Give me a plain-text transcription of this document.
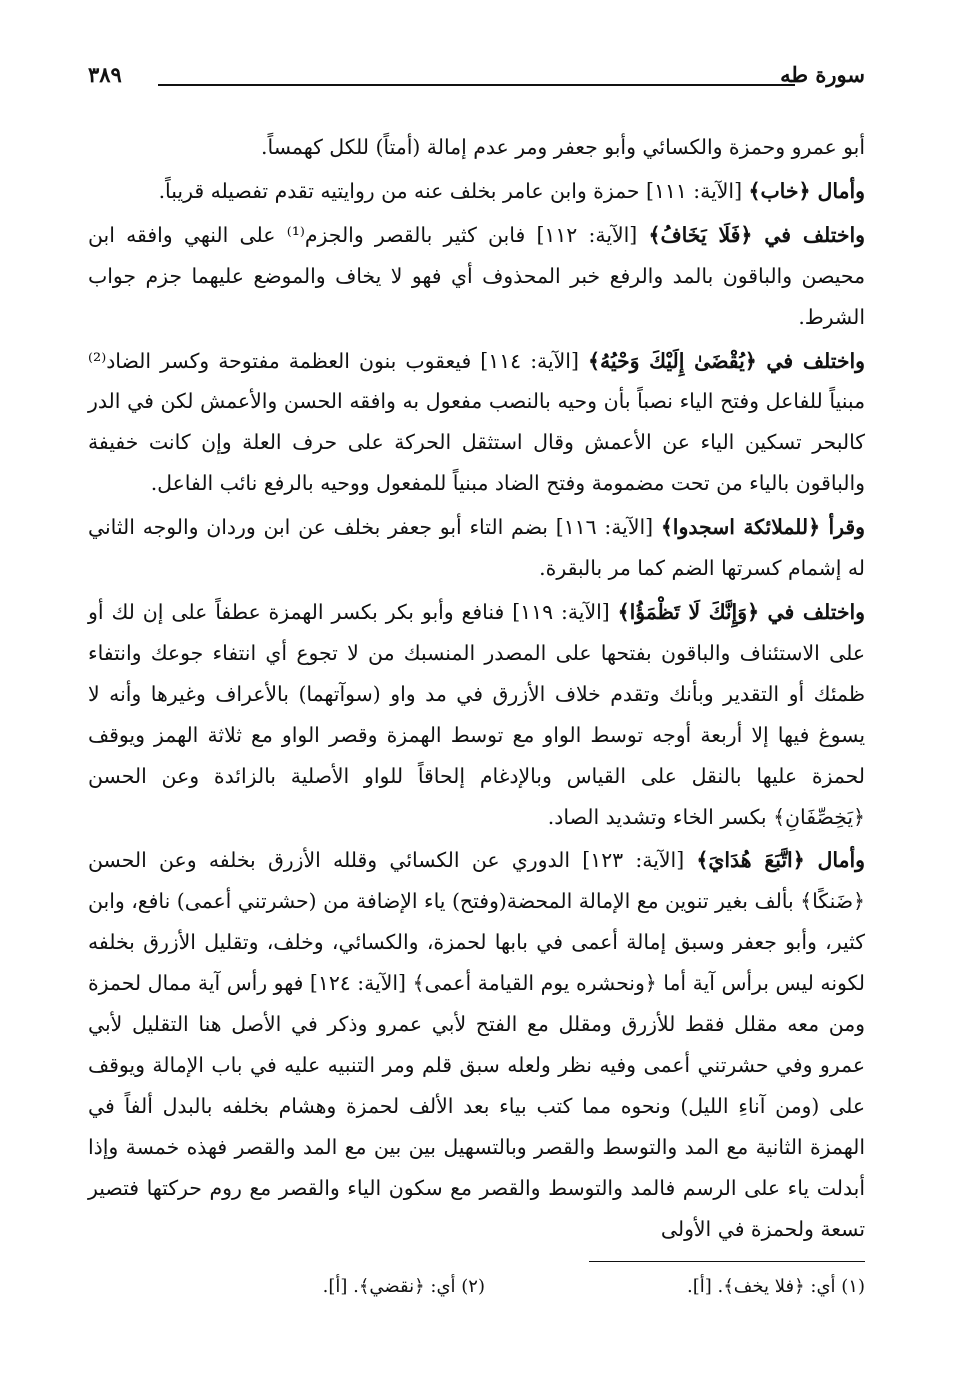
سورة طه
٣٨٩

أبو عمرو وحمزة والكسائي وأبو جعفر ومر عدم إمالة (أمتاً) للكل كهمساً.

وأمال ﴿خاب﴾ [الآية: ١١١] حمزة وابن عامر بخلف عنه من روايتيه تقدم تفصيله قريباً.

واختلف في ﴿فَلَا يَخَافُ﴾ [الآية: ١١٢] فابن كثير بالقصر والجزم⁽¹⁾ على النهي وافقه ابن محيصن والباقون بالمد والرفع خبر المحذوف أي فهو لا يخاف والموضع عليهما جزم جواب الشرط.

واختلف في ﴿يُقْضَىٰ إِلَيْكَ وَحْيُهُ﴾ [الآية: ١١٤] فيعقوب بنون العظمة مفتوحة وكسر الضاد⁽²⁾ مبنياً للفاعل وفتح الياء نصباً بأن وحيه بالنصب مفعول به وافقه الحسن والأعمش لكن في الدر كالبحر تسكين الياء عن الأعمش وقال استثقل الحركة على حرف العلة وإن كانت خفيفة والباقون بالياء من تحت مضمومة وفتح الضاد مبنياً للمفعول ووحيه بالرفع نائب الفاعل.

وقرأ ﴿للملائكة اسجدوا﴾ [الآية: ١١٦] بضم التاء أبو جعفر بخلف عن ابن وردان والوجه الثاني له إشمام كسرتها الضم كما مر بالبقرة.

واختلف في ﴿وَإِنَّكَ لَا تَظْمَؤُا﴾ [الآية: ١١٩] فنافع وأبو بكر بكسر الهمزة عطفاً على إن لك أو على الاستئناف والباقون بفتحها على المصدر المنسبك من لا تجوع أي انتفاء جوعك وانتفاء ظمئك أو التقدير وبأنك وتقدم خلاف الأزرق في مد واو (سوآتهما) بالأعراف وغيرها وأنه لا يسوغ فيها إلا أربعة أوجه توسط الواو مع توسط الهمزة وقصر الواو مع ثلاثة الهمز ويوقف لحمزة عليها بالنقل على القياس وبالإدغام إلحاقاً للواو الأصلية بالزائدة وعن الحسن ﴿يَخِصِّفَانِ﴾ بكسر الخاء وتشديد الصاد.

وأمال ﴿اتَّبَعَ هُدَايَ﴾ [الآية: ١٢٣] الدوري عن الكسائي وقلله الأزرق بخلفه وعن الحسن ﴿ضَنكًا﴾ بألف بغير تنوين مع الإمالة المحضة(وفتح) ياء الإضافة من (حشرتني أعمى) نافع، وابن كثير، وأبو جعفر وسبق إمالة أعمى في بابها لحمزة، والكسائي، وخلف، وتقليل الأزرق بخلفه لكونه ليس برأس آية أما ﴿ونحشره يوم القيامة أعمى﴾ [الآية: ١٢٤] فهو رأس آية ممال لحمزة ومن معه مقلل فقط للأزرق ومقلل مع الفتح لأبي عمرو وذكر في الأصل هنا التقليل لأبي عمرو وفي حشرتني أعمى وفيه نظر ولعله سبق قلم ومر التنبيه عليه في باب الإمالة ويوقف على (ومن آناءِ الليل) ونحوه مما كتب بياء بعد الألف لحمزة وهشام بخلفه بالبدل ألفاً في الهمزة الثانية مع المد والتوسط والقصر وبالتسهيل بين بين مع المد والقصر فهذه خمسة وإذا أبدلت ياء على الرسم فالمد والتوسط والقصر مع سكون الياء والقصر مع روم حركتها فتصير تسعة ولحمزة في الأولى

(١) أي: ﴿فلا يخف﴾. [أ].
(٢) أي: ﴿نقضي﴾. [أ].
